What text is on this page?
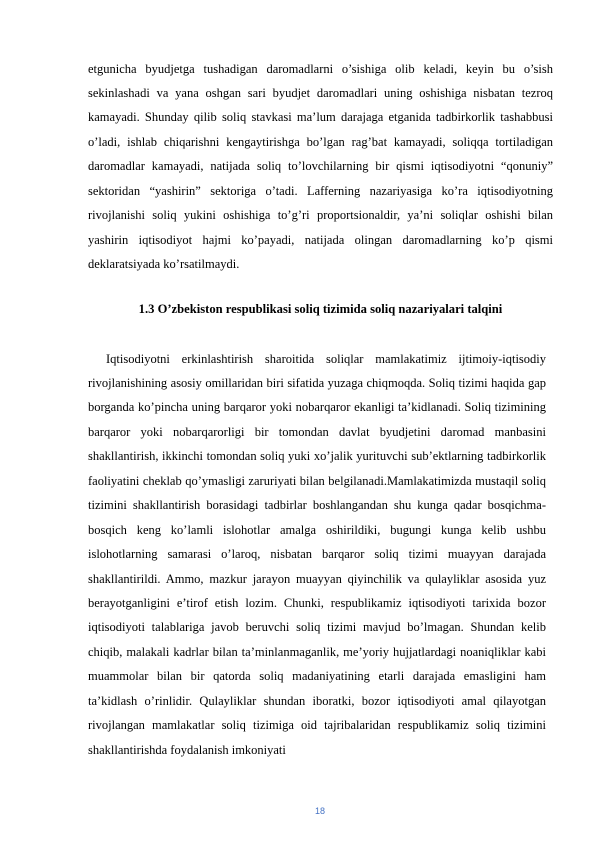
etgunicha byudjetga tushadigan daromadlarni o’sishiga olib keladi, keyin bu o’sish sekinlashadi va yana oshgan sari byudjet daromadlari uning oshishiga nisbatan tezroq kamayadi. Shunday qilib soliq stavkasi ma’lum darajaga etganida tadbirkorlik tashabbusi o’ladi, ishlab chiqarishni kengaytirishga bo’lgan rag’bat kamayadi, soliqqa tortiladigan daromadlar kamayadi, natijada soliq to’lovchilarning bir qismi iqtisodiyotni “qonuniy” sektoridan “yashirin” sektoriga o’tadi. Lafferning nazariyasiga ko’ra iqtisodiyotning rivojlanishi soliq yukini oshishiga to’g’ri proportsionaldir, ya’ni soliqlar oshishi bilan yashirin iqtisodiyot hajmi ko’payadi, natijada olingan daromadlarning ko’p qismi deklaratsiyada ko’rsatilmaydi.

1.3 O’zbekiston respublikasi soliq tizimida soliq nazariyalari talqini

Iqtisodiyotni erkinlashtirish sharoitida soliqlar mamlakatimiz ijtimoiy-iqtisodiy rivojlanishining asosiy omillaridan biri sifatida yuzaga chiqmoqda. Soliq tizimi haqida gap borganda ko’pincha uning barqaror yoki nobarqaror ekanligi ta’kidlanadi. Soliq tizimining barqaror yoki nobarqarorligi bir tomondan davlat byudjetini daromad manbasini shakllantirish, ikkinchi tomondan soliq yuki xo’jalik yurituvchi sub’ektlarning tadbirkorlik faoliyatini cheklab qo’ymasligi zaruriyati bilan belgilanadi.Mamlakatimizda mustaqil soliq tizimini shakllantirish borasidagi tadbirlar boshlangandan shu kunga qadar bosqichma-bosqich keng ko’lamli islohotlar amalga oshirildiki, bugungi kunga kelib ushbu islohotlarning samarasi o’laroq, nisbatan barqaror soliq tizimi muayyan darajada shakllantirildi. Ammo, mazkur jarayon muayyan qiyinchilik va qulayliklar asosida yuz berayotganligini e’tirof etish lozim. Chunki, respublikamiz iqtisodiyoti tarixida bozor iqtisodiyoti talablariga javob beruvchi soliq tizimi mavjud bo’lmagan. Shundan kelib chiqib, malakali kadrlar bilan ta’minlanmaganlik, me’yoriy hujjatlardagi noaniqliklar kabi muammolar bilan bir qatorda soliq madaniyatining etarli darajada emasligini ham ta’kidlash o’rinlidir. Qulayliklar shundan iboratki, bozor iqtisodiyoti amal qilayotgan rivojlangan mamlakatlar soliq tizimiga oid tajribalaridan respublikamiz soliq tizimini shakllantirishda foydalanish imkoniyati

18
